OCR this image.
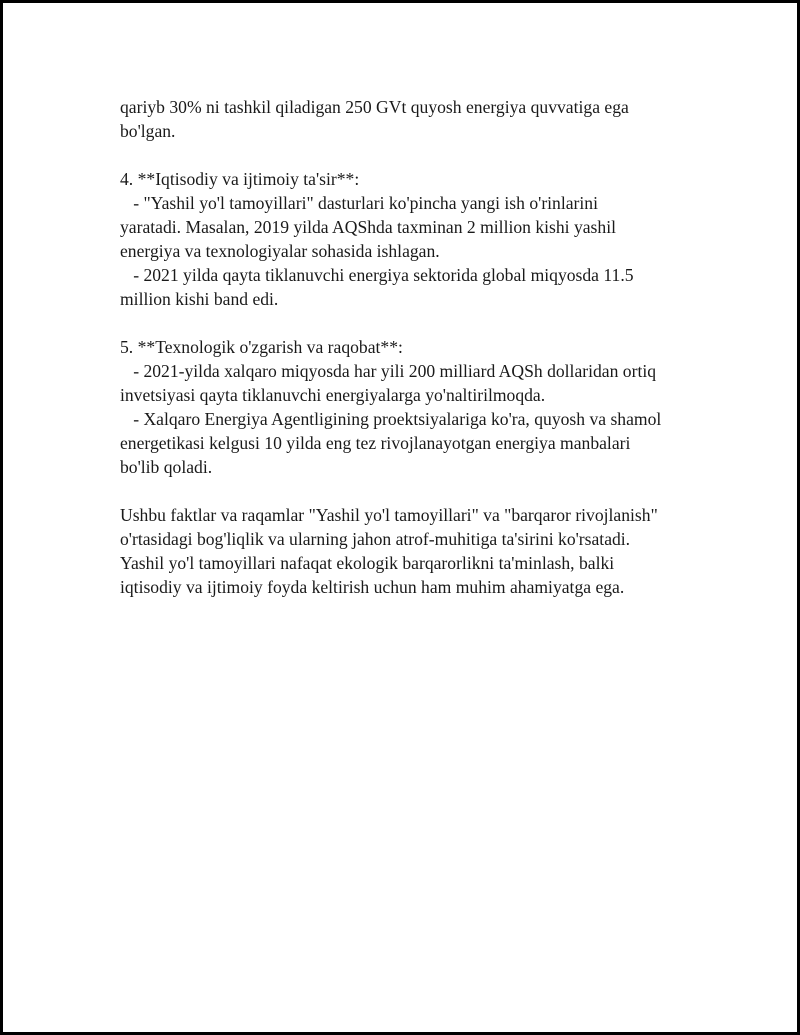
qariyb 30% ni tashkil qiladigan 250 GVt quyosh energiya quvvatiga ega
bo'lgan.

4. **Iqtisodiy va ijtimoiy ta'sir**:
- "Yashil yo'l tamoyillari" dasturlari ko'pincha yangi ish o'rinlarini
yaratadi. Masalan, 2019 yilda AQShda taxminan 2 million kishi yashil
energiya va texnologiyalar sohasida ishlagan.
- 2021 yilda qayta tiklanuvchi energiya sektorida global miqyosda 11.5
million kishi band edi.

5. **Texnologik o'zgarish va raqobat**:
- 2021-yilda xalqaro miqyosda har yili 200 milliard AQSh dollaridan ortiq
invetsiyasi qayta tiklanuvchi energiyalarga yo'naltirilmoqda.
- Xalqaro Energiya Agentligining proektsiyalariga ko'ra, quyosh va shamol
energetikasi kelgusi 10 yilda eng tez rivojlanayotgan energiya manbalari
bo'lib qoladi.

Ushbu faktlar va raqamlar "Yashil yo'l tamoyillari" va "barqaror rivojlanish"
o'rtasidagi bog'liqlik va ularning jahon atrof-muhitiga ta'sirini ko'rsatadi.
Yashil yo'l tamoyillari nafaqat ekologik barqarorlikni ta'minlash, balki
iqtisodiy va ijtimoiy foyda keltirish uchun ham muhim ahamiyatga ega.
